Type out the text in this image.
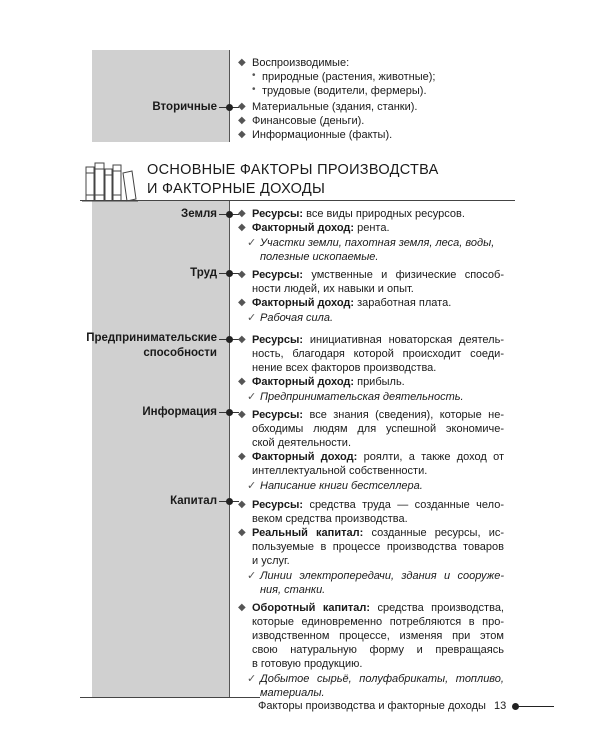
Вторичные
◆ Воспроизводимые:
• природные (растения, животные);
• трудовые (водители, фермеры).
◆ Материальные (здания, станки).
◆ Финансовые (деньги).
◆ Информационные (факты).
ОСНОВНЫЕ ФАКТОРЫ ПРОИЗВОДСТВА
И ФАКТОРНЫЕ ДОХОДЫ
Земля ◆ Ресурсы: все виды природных ресурсов.
◆ Факторный доход: рента.
✓ Участки земли, пахотная земля, леса, воды,
полезные ископаемые.
Труд ◆ Ресурсы: умственные и физические способ-
ности людей, их навыки и опыт.
◆ Факторный доход: заработная плата.
✓ Рабочая сила.
Предпринимательские
способности
◆ Ресурсы: инициативная новаторская деятель-
ность, благодаря которой происходит соеди-
нение всех факторов производства.
◆ Факторный доход: прибыль.
✓ Предпринимательская деятельность.
Информация ◆ Ресурсы: все знания (сведения), которые не-
обходимы людям для успешной экономиче-
ской деятельности.
◆ Факторный доход: роялти, а также доход от
интеллектуальной собственности.
✓ Написание книги бестселлера.
Капитал ◆ Ресурсы: средства труда — созданные чело-
веком средства производства.
◆ Реальный капитал: созданные ресурсы, ис-
пользуемые в процессе производства товаров
и услуг.
✓ Линии электропередачи, здания и сооруже-
ния, станки.
◆ Оборотный капитал: средства производства,
которые единовременно потребляются в про-
изводственном процессе, изменяя при этом
свою натуральную форму и превращаясь
в готовую продукцию.
✓ Добытое сырьё, полуфабрикаты, топливо,
материалы.
Факторы производства и факторные доходы 13
